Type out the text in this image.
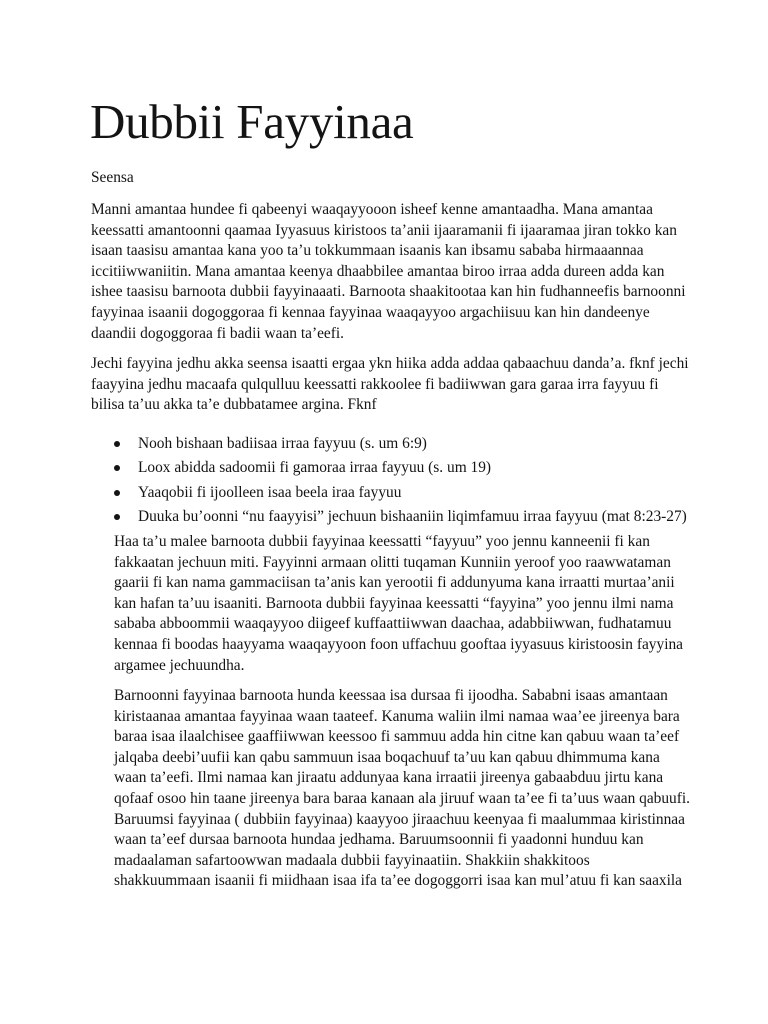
Dubbii Fayyinaa

Seensa

Manni amantaa hundee fi qabeenyi waaqayyooon isheef kenne amantaadha. Mana amantaa
keessatti amantoonni qaamaa Iyyasuus kiristoos ta’anii ijaaramanii fi ijaaramaa jiran tokko kan
isaan taasisu amantaa kana yoo ta’u tokkummaan isaanis kan ibsamu sababa hirmaaannaa
iccitiiwwaniitin. Mana amantaa keenya dhaabbilee amantaa biroo irraa adda dureen adda kan
ishee taasisu barnoota dubbii fayyinaaati. Barnoota shaakitootaa kan hin fudhanneefis barnoonni
fayyinaa isaanii dogoggoraa fi kennaa fayyinaa waaqayyoo argachiisuu kan hin dandeenye
daandii dogoggoraa fi badii waan ta’eefi.

Jechi fayyina jedhu akka seensa isaatti ergaa ykn hiika adda addaa qabaachuu danda’a. fknf jechi
faayyina jedhu macaafa qulqulluu keessatti rakkoolee fi badiiwwan gara garaa irra fayyuu fi
bilisa ta’uu akka ta’e dubbatamee argina. Fknf

Nooh bishaan badiisaa irraa fayyuu (s. um 6:9)
Loox abidda sadoomii fi gamoraa irraa fayyuu (s. um 19)
Yaaqobii fi ijoolleen isaa beela iraa fayyuu
Duuka bu’oonni “nu faayyisi” jechuun bishaaniin liqimfamuu irraa fayyuu (mat 8:23-27)

Haa ta’u malee barnoota dubbii fayyinaa keessatti “fayyuu” yoo jennu kanneenii fi kan
fakkaatan jechuun miti. Fayyinni armaan olitti tuqaman Kunniin yeroof yoo raawwataman
gaarii fi kan nama gammaciisan ta’anis kan yerootii fi addunyuma kana irraatti murtaa’anii
kan hafan ta’uu isaaniti. Barnoota dubbii fayyinaa keessatti “fayyina” yoo jennu ilmi nama
sababa abboommii waaqayyoo diigeef kuffaattiiwwan daachaa, adabbiiwwan, fudhatamuu
kennaa fi boodas haayyama waaqayyoon foon uffachuu gooftaa iyyasuus kiristoosin fayyina
argamee jechuundha.

Barnoonni fayyinaa barnoota hunda keessaa isa dursaa fi ijoodha. Sababni isaas amantaan
kiristaanaa amantaa fayyinaa waan taateef. Kanuma waliin ilmi namaa waa’ee jireenya bara
baraa isaa ilaalchisee gaaffiiwwan keessoo fi sammuu adda hin citne kan qabuu waan ta’eef
jalqaba deebi’uufii kan qabu sammuun isaa boqachuuf ta’uu kan qabuu dhimmuma kana
waan ta’eefi. Ilmi namaa kan jiraatu addunyaa kana irraatii jireenya gabaabduu jirtu kana
qofaaf osoo hin taane jireenya bara baraa kanaan ala jiruuf waan ta’ee fi ta’uus waan qabuufi.
Baruumsi fayyinaa ( dubbiin fayyinaa) kaayyoo jiraachuu keenyaa fi maalummaa kiristinnaa
waan ta’eef dursaa barnoota hundaa jedhama. Baruumsoonnii fi yaadonni hunduu kan
madaalaman safartoowwan madaala dubbii fayyinaatiin. Shakkiin shakkitoos
shakkuummaan isaanii fi miidhaan isaa ifa ta’ee dogoggorri isaa kan mul’atuu fi kan saaxila
